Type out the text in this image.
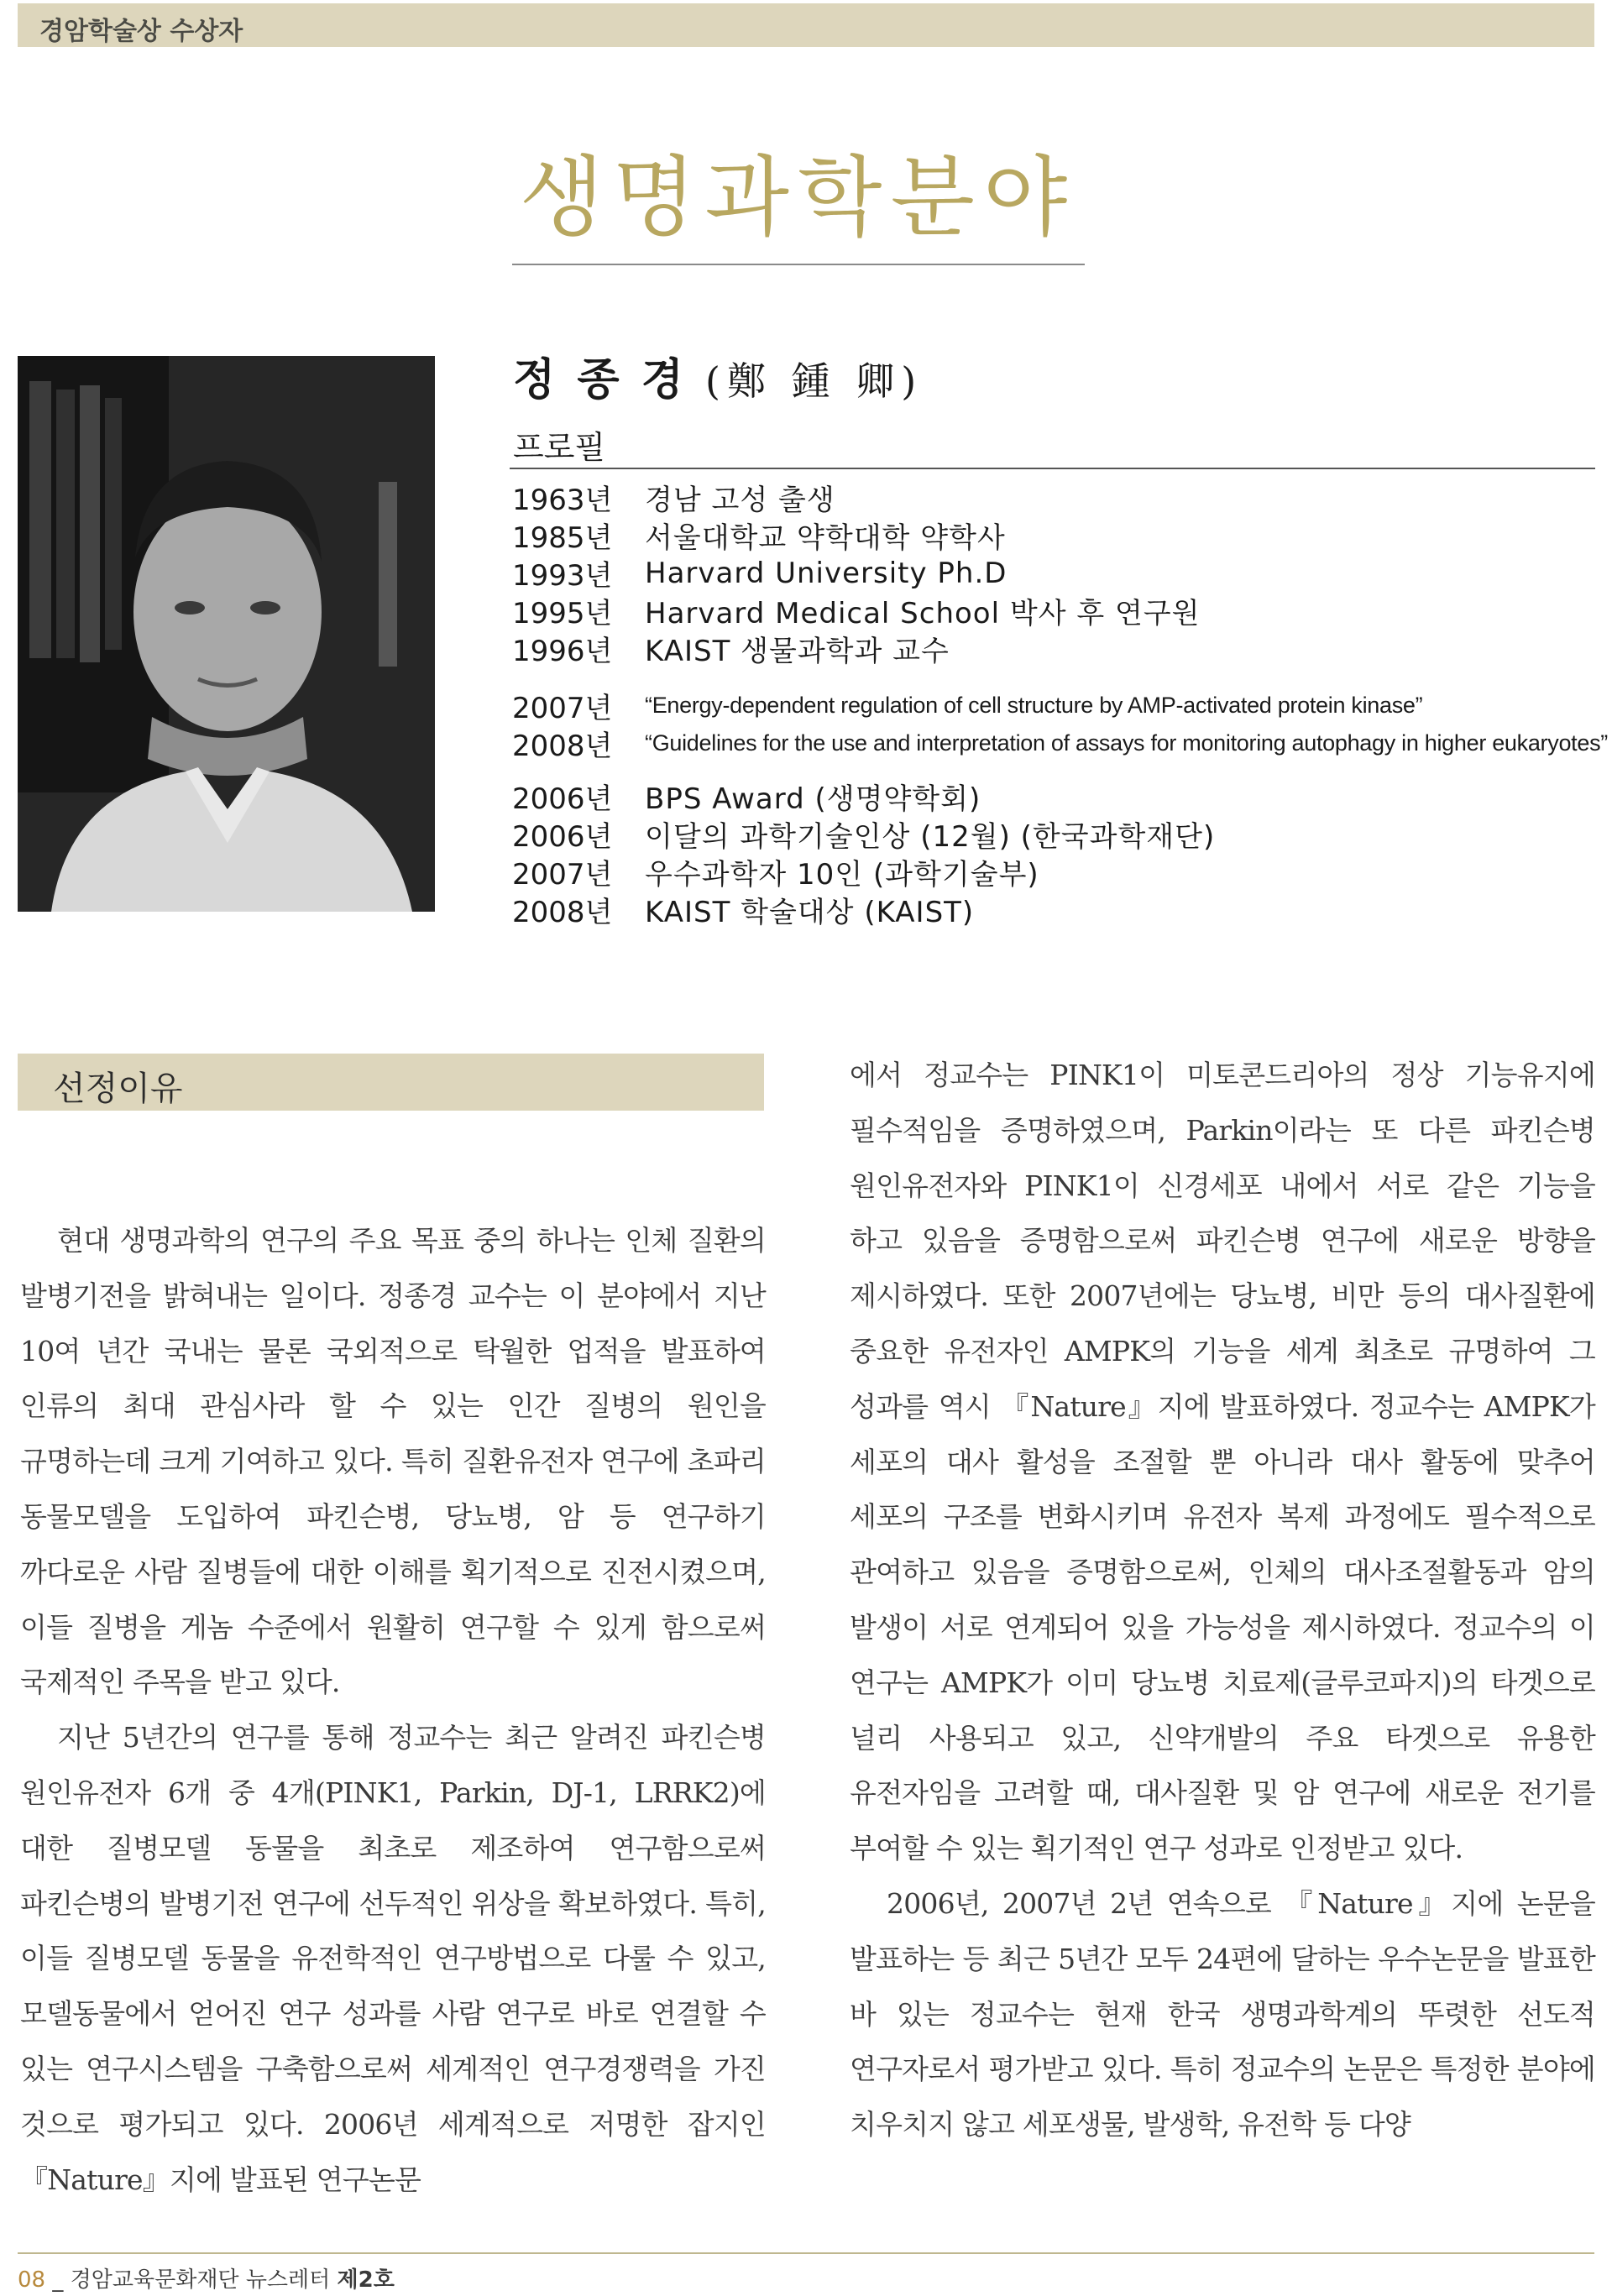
경암학술상 수상자
생명과학분야
정 종 경 (鄭 鍾 卿)
프로필
1963년	경남 고성 출생
1985년	서울대학교 약학대학 약학사
1993년	Harvard University Ph.D
1995년	Harvard Medical School 박사 후 연구원
1996년	KAIST 생물과학과 교수
2007년	“Energy-dependent regulation of cell structure by AMP-activated protein kinase”
2008년	“Guidelines for the use and interpretation of assays for monitoring autophagy in higher eukaryotes”
2006년	BPS Award (생명약학회)
2006년	이달의 과학기술인상 (12월) (한국과학재단)
2007년	우수과학자 10인 (과학기술부)
2008년	KAIST 학술대상 (KAIST)
선정이유

현대 생명과학의 연구의 주요 목표 중의 하나는 인체 질환의 발병기전을 밝혀내는 일이다. 정종경 교수는 이 분야에서 지난 10여 년간 국내는 물론 국외적으로 탁월한 업적을 발표하여 인류의 최대 관심사라 할 수 있는 인간 질병의 원인을 규명하는데 크게 기여하고 있다. 특히 질환유전자 연구에 초파리 동물모델을 도입하여 파킨슨병, 당뇨병, 암 등 연구하기 까다로운 사람 질병들에 대한 이해를 획기적으로 진전시켰으며, 이들 질병을 게놈 수준에서 원활히 연구할 수 있게 함으로써 국제적인 주목을 받고 있다.

지난 5년간의 연구를 통해 정교수는 최근 알려진 파킨슨병 원인유전자 6개 중 4개(PINK1, Parkin, DJ-1, LRRK2)에 대한 질병모델 동물을 최초로 제조하여 연구함으로써 파킨슨병의 발병기전 연구에 선두적인 위상을 확보하였다. 특히, 이들 질병모델 동물을 유전학적인 연구방법으로 다룰 수 있고, 모델동물에서 얻어진 연구 성과를 사람 연구로 바로 연결할 수 있는 연구시스템을 구축함으로써 세계적인 연구경쟁력을 가진 것으로 평가되고 있다. 2006년 세계적으로 저명한 잡지인 『Nature』지에 발표된 연구논문

에서 정교수는 PINK1이 미토콘드리아의 정상 기능유지에 필수적임을 증명하였으며, Parkin이라는 또 다른 파킨슨병 원인유전자와 PINK1이 신경세포 내에서 서로 같은 기능을 하고 있음을 증명함으로써 파킨슨병 연구에 새로운 방향을 제시하였다. 또한 2007년에는 당뇨병, 비만 등의 대사질환에 중요한 유전자인 AMPK의 기능을 세계 최초로 규명하여 그 성과를 역시 『Nature』지에 발표하였다. 정교수는 AMPK가 세포의 대사 활성을 조절할 뿐 아니라 대사 활동에 맞추어 세포의 구조를 변화시키며 유전자 복제 과정에도 필수적으로 관여하고 있음을 증명함으로써, 인체의 대사조절활동과 암의 발생이 서로 연계되어 있을 가능성을 제시하였다. 정교수의 이 연구는 AMPK가 이미 당뇨병 치료제(글루코파지)의 타겟으로 널리 사용되고 있고, 신약개발의 주요 타겟으로 유용한 유전자임을 고려할 때, 대사질환 및 암 연구에 새로운 전기를 부여할 수 있는 획기적인 연구 성과로 인정받고 있다.

2006년, 2007년 2년 연속으로 『Nature』지에 논문을 발표하는 등 최근 5년간 모두 24편에 달하는 우수논문을 발표한 바 있는 정교수는 현재 한국 생명과학계의 뚜렷한 선도적 연구자로서 평가받고 있다. 특히 정교수의 논문은 특정한 분야에 치우치지 않고 세포생물, 발생학, 유전학 등 다양

08 _ 경암교육문화재단 뉴스레터 제2호
